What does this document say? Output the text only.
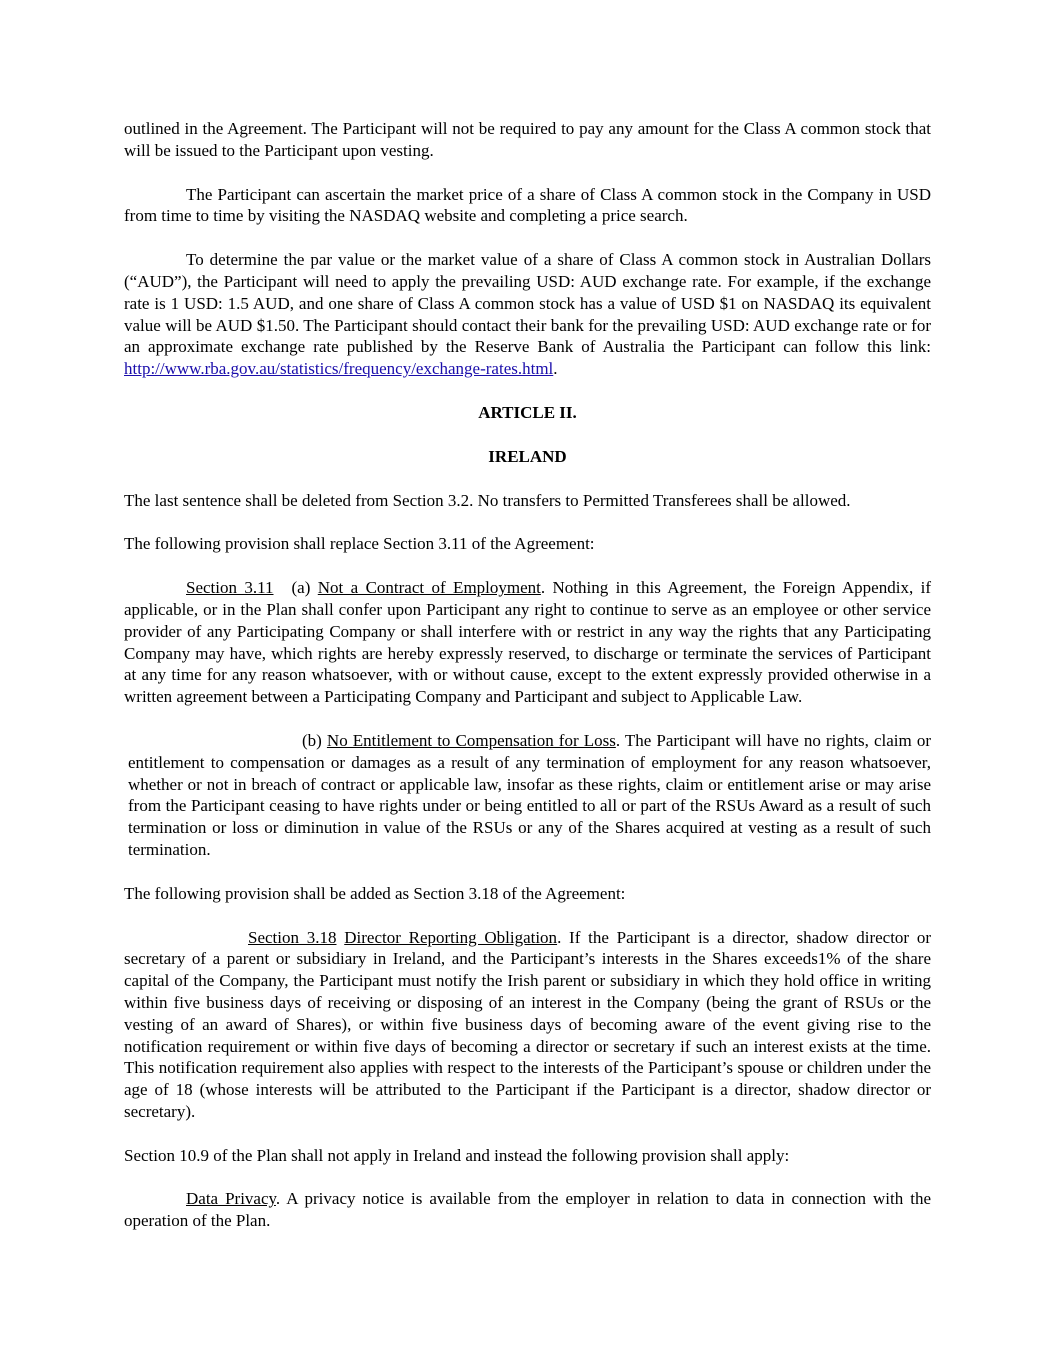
outlined in the Agreement. The Participant will not be required to pay any amount for the Class A common stock that will be issued to the Participant upon vesting.

The Participant can ascertain the market price of a share of Class A common stock in the Company in USD from time to time by visiting the NASDAQ website and completing a price search.

To determine the par value or the market value of a share of Class A common stock in Australian Dollars (“AUD”), the Participant will need to apply the prevailing USD: AUD exchange rate. For example, if the exchange rate is 1 USD: 1.5 AUD, and one share of Class A common stock has a value of USD $1 on NASDAQ its equivalent value will be AUD $1.50. The Participant should contact their bank for the prevailing USD: AUD exchange rate or for an approximate exchange rate published by the Reserve Bank of Australia the Participant can follow this link: http://www.rba.gov.au/statistics/frequency/exchange-rates.html.

ARTICLE II.
IRELAND

The last sentence shall be deleted from Section 3.2. No transfers to Permitted Transferees shall be allowed.

The following provision shall replace Section 3.11 of the Agreement:

Section 3.11 (a) Not a Contract of Employment. Nothing in this Agreement, the Foreign Appendix, if applicable, or in the Plan shall confer upon Participant any right to continue to serve as an employee or other service provider of any Participating Company or shall interfere with or restrict in any way the rights that any Participating Company may have, which rights are hereby expressly reserved, to discharge or terminate the services of Participant at any time for any reason whatsoever, with or without cause, except to the extent expressly provided otherwise in a written agreement between a Participating Company and Participant and subject to Applicable Law.

(b) No Entitlement to Compensation for Loss. The Participant will have no rights, claim or entitlement to compensation or damages as a result of any termination of employment for any reason whatsoever, whether or not in breach of contract or applicable law, insofar as these rights, claim or entitlement arise or may arise from the Participant ceasing to have rights under or being entitled to all or part of the RSUs Award as a result of such termination or loss or diminution in value of the RSUs or any of the Shares acquired at vesting as a result of such termination.

The following provision shall be added as Section 3.18 of the Agreement:

Section 3.18 Director Reporting Obligation. If the Participant is a director, shadow director or secretary of a parent or subsidiary in Ireland, and the Participant’s interests in the Shares exceeds1% of the share capital of the Company, the Participant must notify the Irish parent or subsidiary in which they hold office in writing within five business days of receiving or disposing of an interest in the Company (being the grant of RSUs or the vesting of an award of Shares), or within five business days of becoming aware of the event giving rise to the notification requirement or within five days of becoming a director or secretary if such an interest exists at the time. This notification requirement also applies with respect to the interests of the Participant’s spouse or children under the age of 18 (whose interests will be attributed to the Participant if the Participant is a director, shadow director or secretary).

Section 10.9 of the Plan shall not apply in Ireland and instead the following provision shall apply:

Data Privacy. A privacy notice is available from the employer in relation to data in connection with the operation of the Plan.
